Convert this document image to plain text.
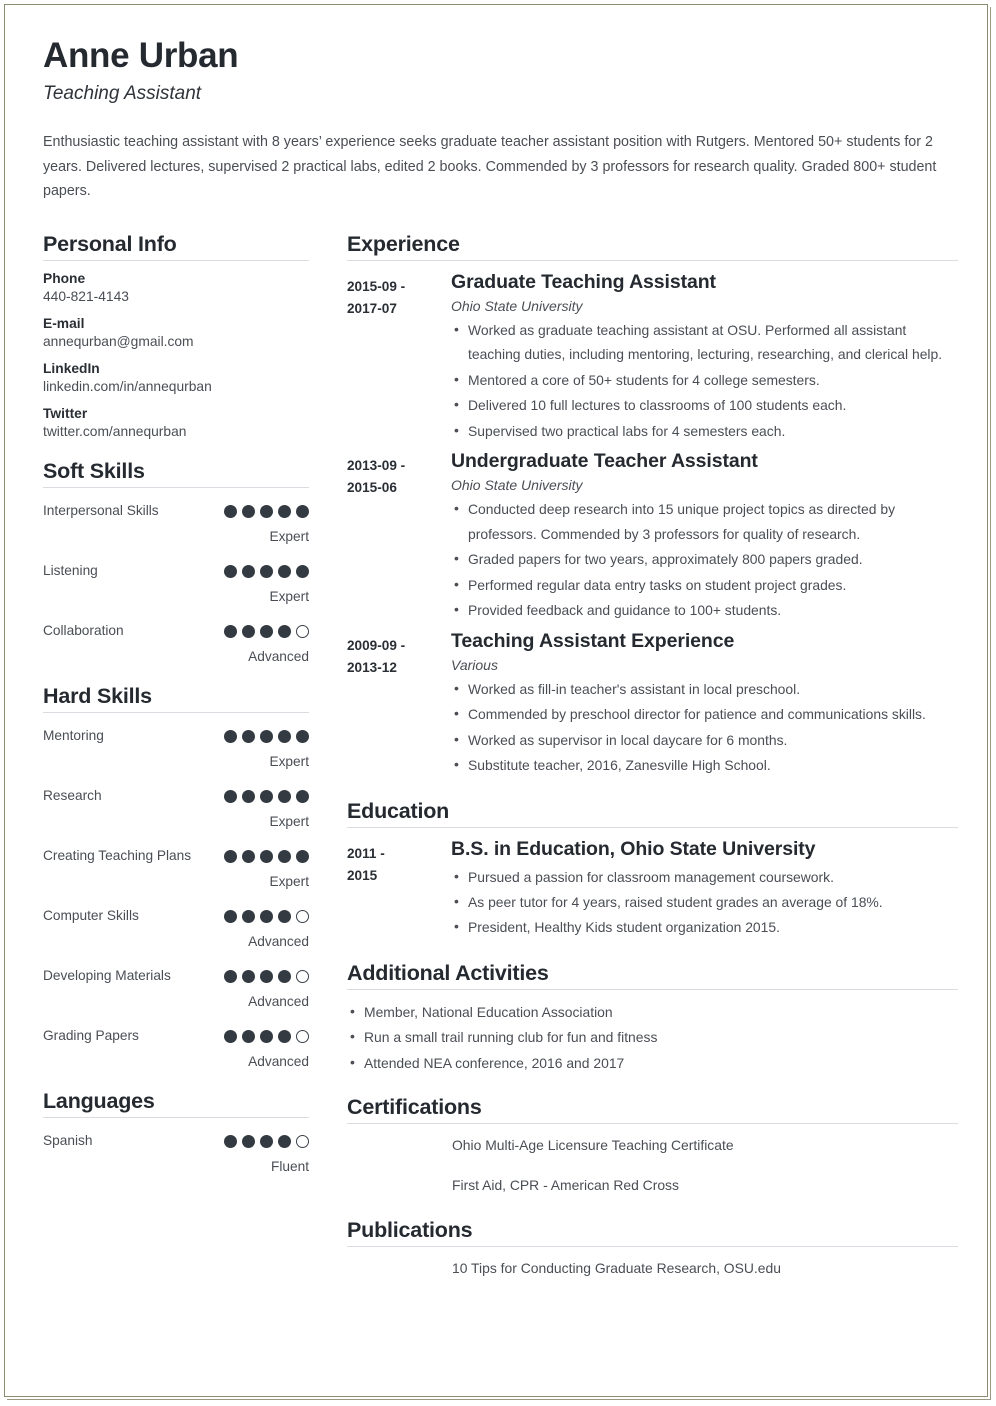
Anne Urban
Teaching Assistant

Enthusiastic teaching assistant with 8 years’ experience seeks graduate teacher assistant position with Rutgers. Mentored 50+ students for 2 years. Delivered lectures, supervised 2 practical labs, edited 2 books. Commended by 3 professors for research quality. Graded 800+ student papers.

Personal Info
Phone
440-821-4143
E-mail
annequrban@gmail.com
LinkedIn
linkedin.com/in/annequrban
Twitter
twitter.com/annequrban
Soft Skills
Interpersonal Skills
Expert
Listening
Expert
Collaboration
Advanced
Hard Skills
Mentoring
Expert
Research
Expert
Creating Teaching Plans
Expert
Computer Skills
Advanced
Developing Materials
Advanced
Grading Papers
Advanced
Languages
Spanish
Fluent
Experience
2015-09 -
2017-07
Graduate Teaching Assistant
Ohio State University
• Worked as graduate teaching assistant at OSU. Performed all assistant teaching duties, including mentoring, lecturing, researching, and clerical help.
• Mentored a core of 50+ students for 4 college semesters.
• Delivered 10 full lectures to classrooms of 100 students each.
• Supervised two practical labs for 4 semesters each.
2013-09 -
2015-06
Undergraduate Teacher Assistant
Ohio State University
• Conducted deep research into 15 unique project topics as directed by professors. Commended by 3 professors for quality of research.
• Graded papers for two years, approximately 800 papers graded.
• Performed regular data entry tasks on student project grades.
• Provided feedback and guidance to 100+ students.
2009-09 -
2013-12
Teaching Assistant Experience
Various
• Worked as fill-in teacher's assistant in local preschool.
• Commended by preschool director for patience and communications skills.
• Worked as supervisor in local daycare for 6 months.
• Substitute teacher, 2016, Zanesville High School.
Education
2011 -
2015
B.S. in Education, Ohio State University
• Pursued a passion for classroom management coursework.
• As peer tutor for 4 years, raised student grades an average of 18%.
• President, Healthy Kids student organization 2015.
Additional Activities
• Member, National Education Association
• Run a small trail running club for fun and fitness
• Attended NEA conference, 2016 and 2017
Certifications
Ohio Multi-Age Licensure Teaching Certificate
First Aid, CPR - American Red Cross
Publications
10 Tips for Conducting Graduate Research, OSU.edu
